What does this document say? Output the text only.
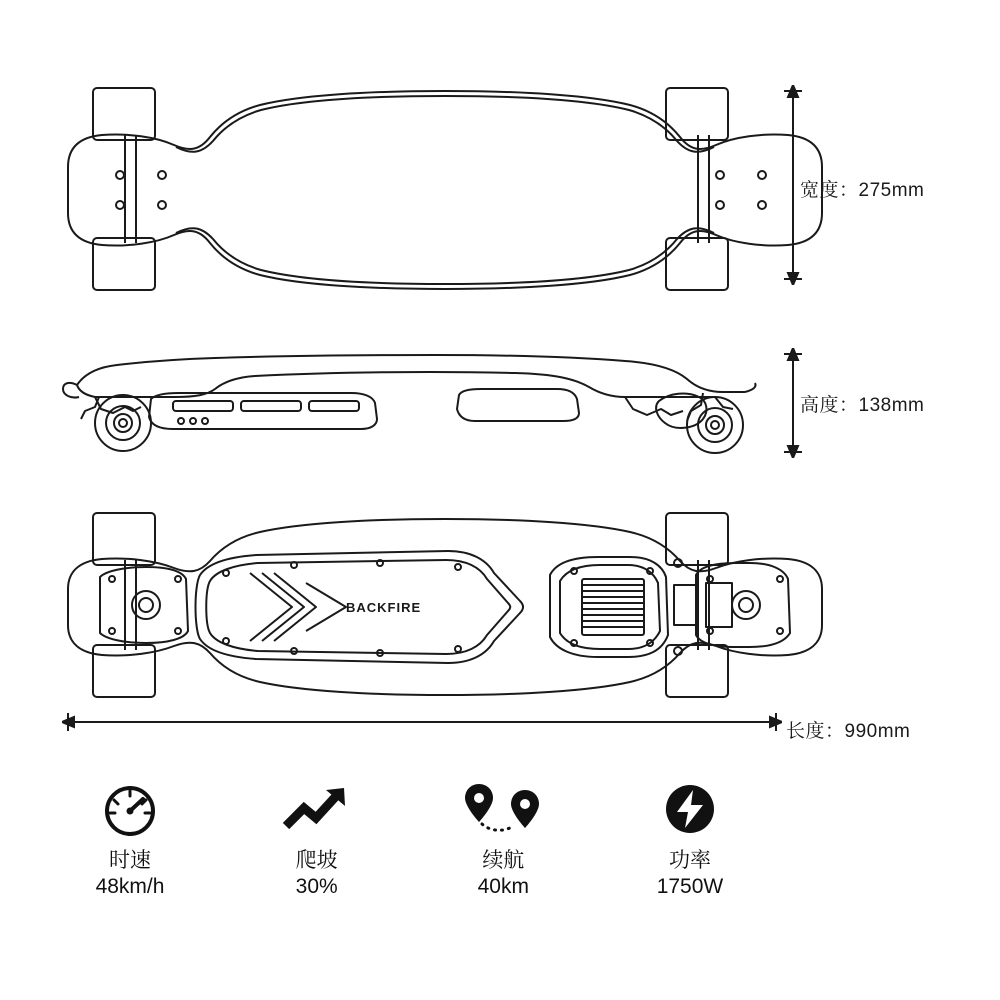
宽度：275mm
高度：138mm
BACKFIRE
长度：990mm
时速
48km/h
爬坡
30%
续航
40km
功率
1750W
